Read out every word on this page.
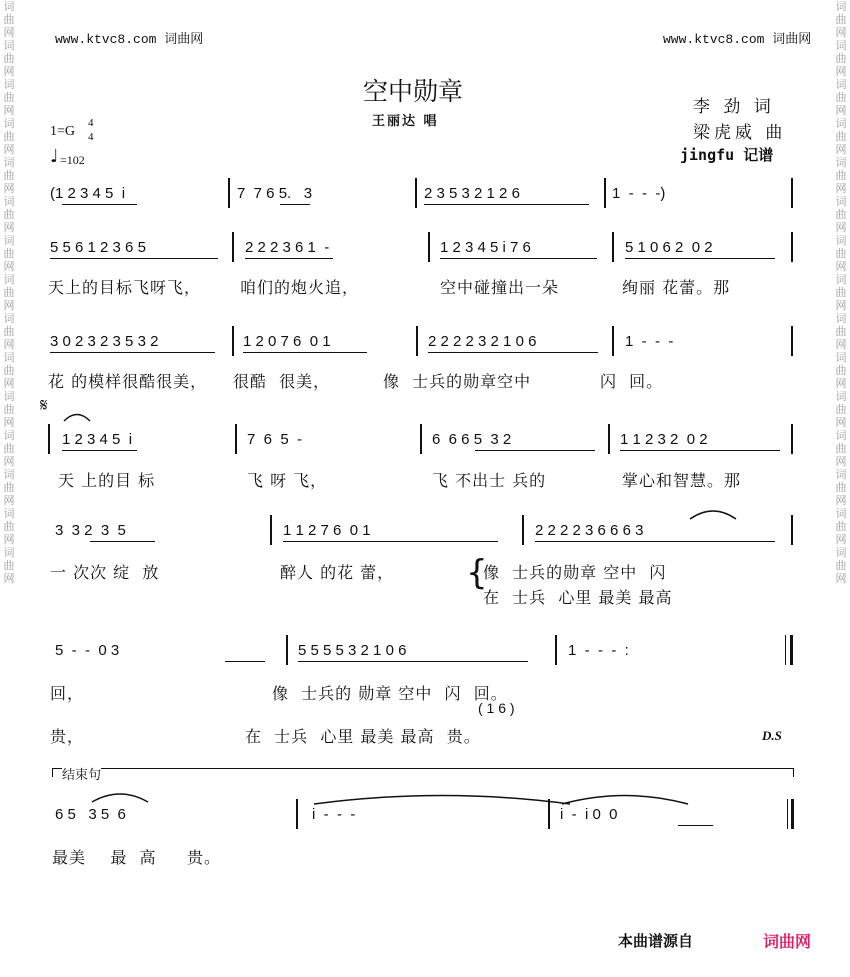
词曲网词曲网词曲网词曲网词曲网词曲网词曲网词曲网词曲网词曲网词曲网词曲网词曲网词曲网词曲网
词曲网词曲网词曲网词曲网词曲网词曲网词曲网词曲网词曲网词曲网词曲网词曲网词曲网词曲网词曲网
www.ktvc8.com 词曲网	www.ktvc8.com 词曲网
空中勋章
王丽达 唱
李 劲 词
梁虎威 曲
jingfu 记谱
1=G
4
4
♩ =102
(1 2 3 4 5  i	7  7 6 5.   3	2 3 5 3 2 1 2 6	1  -  -  -)
5 5 6 1 2 3 6 5	2 2 2 3 6 1  -	1 2 3 4 5 i 7 6	5 1 0 6 2  0 2
天上的目标飞呀飞， 咱们的炮火追，	空中碰撞出一朵	绚丽 花蕾。那
3 0 2 3 2 3 5 3 2	1 2 0 7 6  0 1	2 2 2 2 3 2 1 0 6	1  -  -  -
花 的模样很酷很美， 很酷  很美，	像  士兵的勋章空中	闪  回。
𝄋
1 2 3 4 5  i	7  6  5  -	6  6 6 5  3 2	1 1 2 3 2  0 2
天 上的目 标	飞 呀 飞，	飞 不出士 兵的	掌心和智慧。那
3  3 2  3  5	1 1 2 7 6  0 1	2 2 2 2 3 6 6 6 3
一 次次 绽  放	醉人 的花 蕾， {
像  士兵的勋章 空中  闪
在  士兵  心里 最美 最高
5  -  -  0 3	5 5 5 5 3 2 1 0 6	1  -  -  -  :
回，	像  士兵的 勋章 空中  闪  回。
( 1 6 )
贵，	在  士兵  心里 最美 最高  贵。	D.S
结束句
6 5   3 5  6	i  -  -  -	i  -  i 0  0
最美    最  高     贵。
本曲谱源自	词曲网
